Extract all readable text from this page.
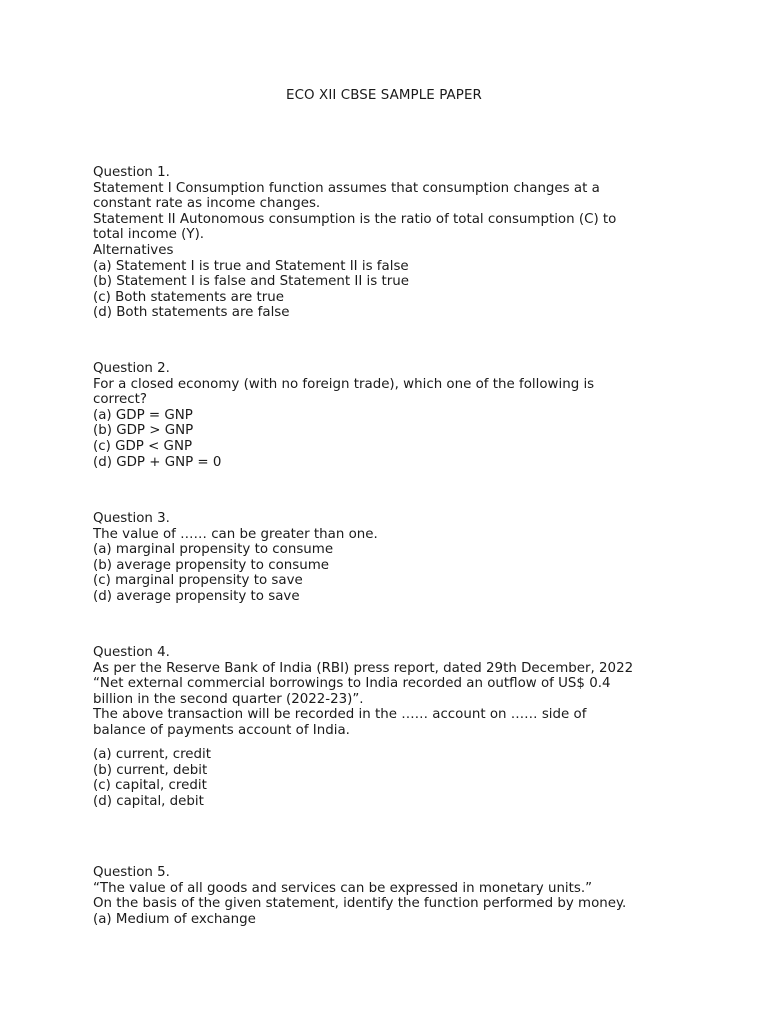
ECO XII CBSE SAMPLE PAPER
Question 1.
Statement I Consumption function assumes that consumption changes at a
constant rate as income changes.
Statement II Autonomous consumption is the ratio of total consumption (C) to
total income (Y).
Alternatives
(a) Statement I is true and Statement II is false
(b) Statement I is false and Statement II is true
(c) Both statements are true
(d) Both statements are false
Question 2.
For a closed economy (with no foreign trade), which one of the following is
correct?
(a) GDP = GNP
(b) GDP > GNP
(c) GDP < GNP
(d) GDP + GNP = 0
Question 3.
The value of …… can be greater than one.
(a) marginal propensity to consume
(b) average propensity to consume
(c) marginal propensity to save
(d) average propensity to save
Question 4.
As per the Reserve Bank of India (RBI) press report, dated 29th December, 2022
“Net external commercial borrowings to India recorded an outflow of US$ 0.4
billion in the second quarter (2022-23)”.
The above transaction will be recorded in the …… account on …… side of
balance of payments account of India.
(a) current, credit
(b) current, debit
(c) capital, credit
(d) capital, debit
Question 5.
“The value of all goods and services can be expressed in monetary units.”
On the basis of the given statement, identify the function performed by money.
(a) Medium of exchange
